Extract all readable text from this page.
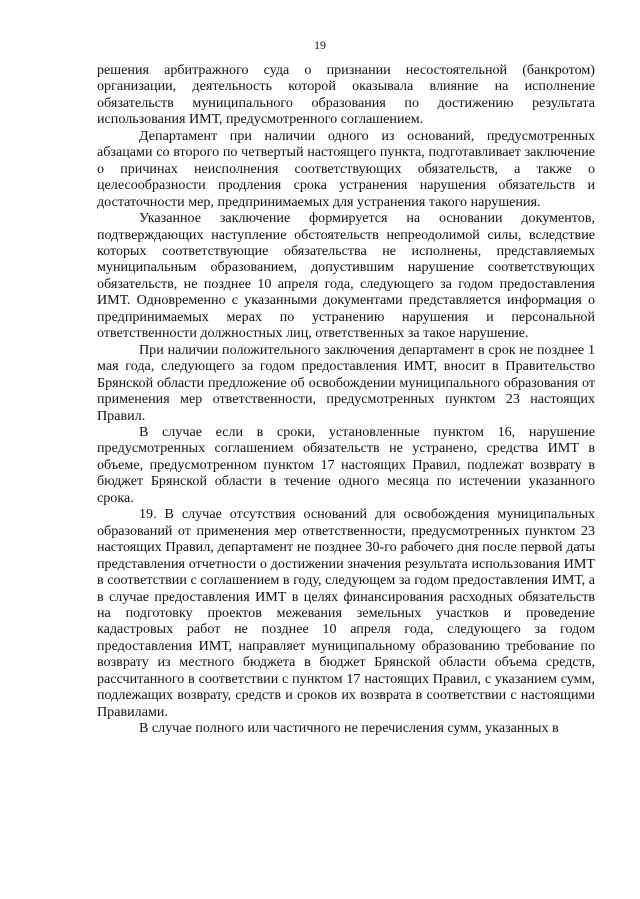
19

решения арбитражного суда о признании несостоятельной (банкротом) организации, деятельность которой оказывала влияние на исполнение обязательств муниципального образования по достижению результата использования ИМТ, предусмотренного соглашением.

Департамент при наличии одного из оснований, предусмотренных абзацами со второго по четвертый настоящего пункта, подготавливает заключение о причинах неисполнения соответствующих обязательств, а также о целесообразности продления срока устранения нарушения обязательств и достаточности мер, предпринимаемых для устранения такого нарушения.

Указанное заключение формируется на основании документов, подтверждающих наступление обстоятельств непреодолимой силы, вследствие которых соответствующие обязательства не исполнены, представляемых муниципальным образованием, допустившим нарушение соответствующих обязательств, не позднее 10 апреля года, следующего за годом предоставления ИМТ. Одновременно с указанными документами представляется информация о предпринимаемых мерах по устранению нарушения и персональной ответственности должностных лиц, ответственных за такое нарушение.

При наличии положительного заключения департамент в срок не позднее 1 мая года, следующего за годом предоставления ИМТ, вносит в Правительство Брянской области предложение об освобождении муниципального образования от применения мер ответственности, предусмотренных пунктом 23 настоящих Правил.

В случае если в сроки, установленные пунктом 16, нарушение предусмотренных соглашением обязательств не устранено, средства ИМТ в объеме, предусмотренном пунктом 17 настоящих Правил, подлежат возврату в бюджет Брянской области в течение одного месяца по истечении указанного срока.

19. В случае отсутствия оснований для освобождения муниципальных образований от применения мер ответственности, предусмотренных пунктом 23 настоящих Правил, департамент не позднее 30-го рабочего дня после первой даты представления отчетности о достижении значения результата использования ИМТ в соответствии с соглашением в году, следующем за годом предоставления ИМТ, а в случае предоставления ИМТ в целях финансирования расходных обязательств на подготовку проектов межевания земельных участков и проведение кадастровых работ не позднее 10 апреля года, следующего за годом предоставления ИМТ, направляет муниципальному образованию требование по возврату из местного бюджета в бюджет Брянской области объема средств, рассчитанного в соответствии с пунктом 17 настоящих Правил, с указанием сумм, подлежащих возврату, средств и сроков их возврата в соответствии с настоящими Правилами.

В случае полного или частичного не перечисления сумм, указанных в
